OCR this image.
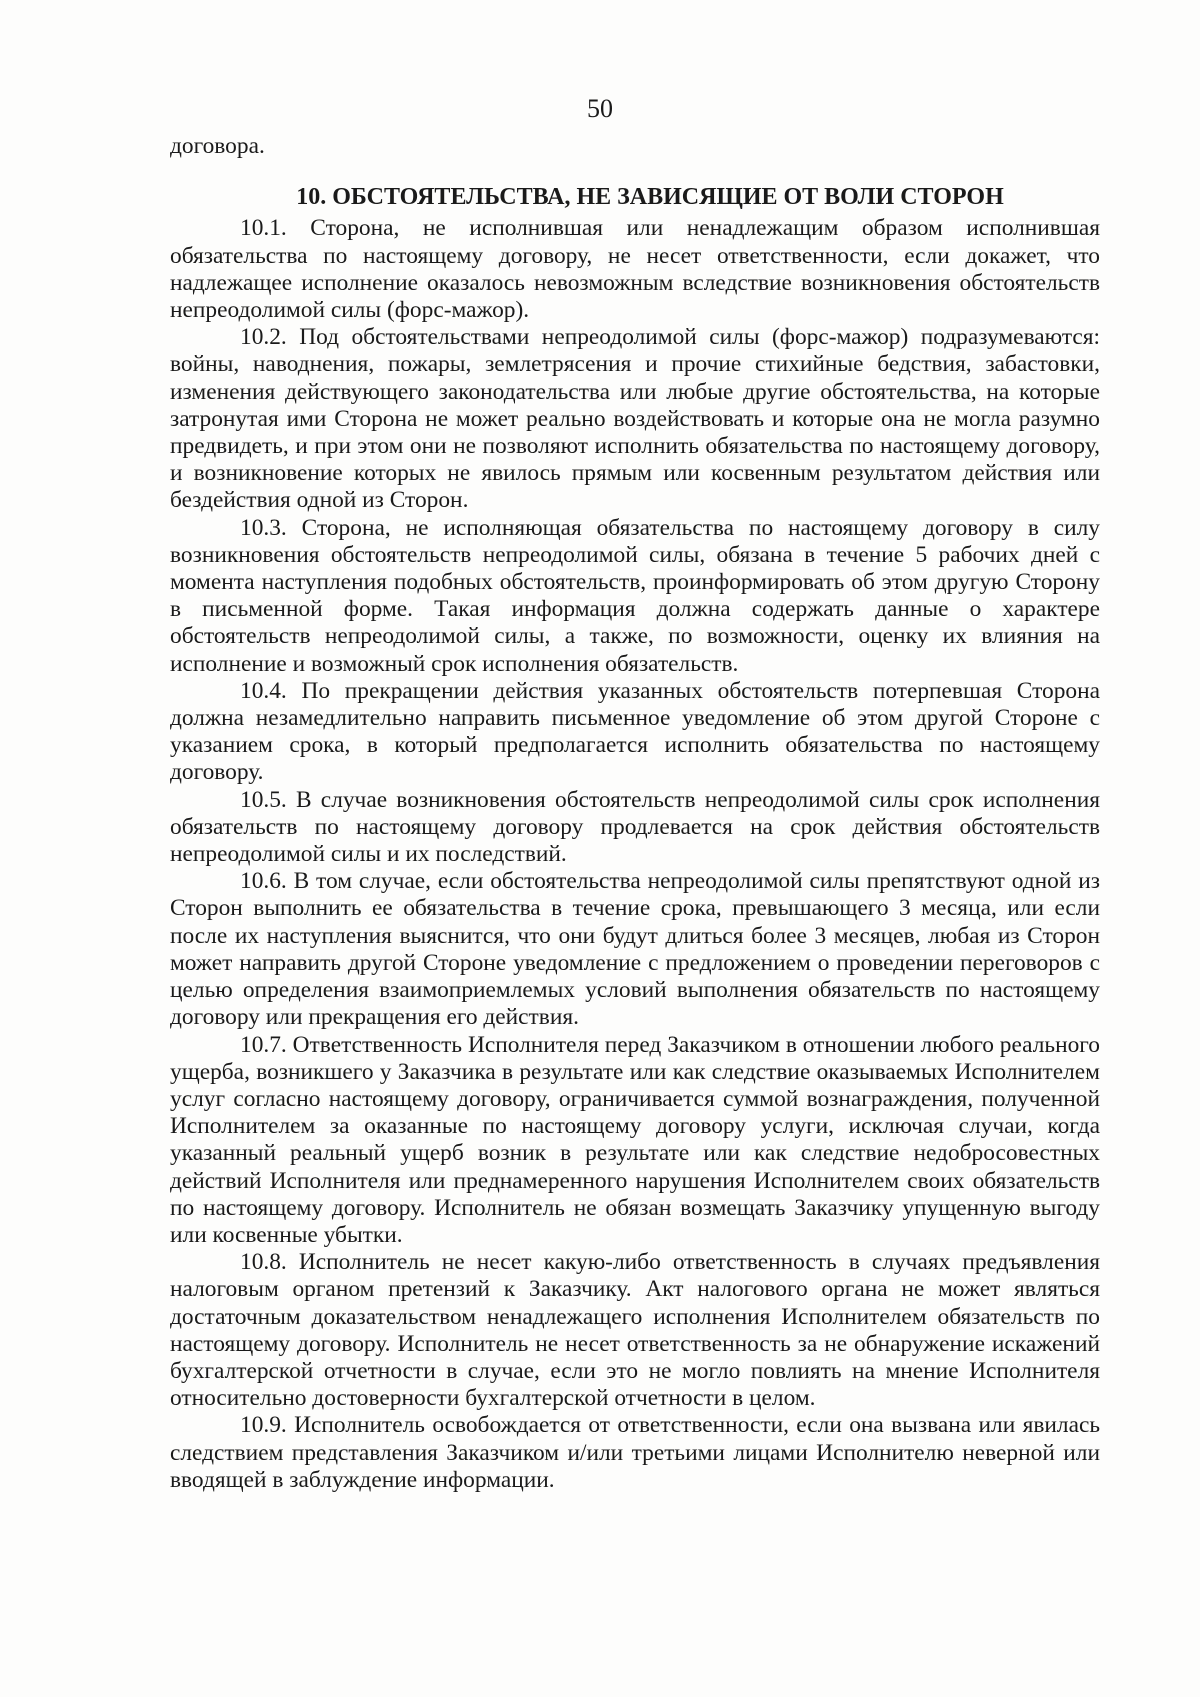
50

договора.

10. ОБСТОЯТЕЛЬСТВА, НЕ ЗАВИСЯЩИЕ ОТ ВОЛИ СТОРОН

10.1. Сторона, не исполнившая или ненадлежащим образом исполнившая обязательства по настоящему договору, не несет ответственности, если докажет, что надлежащее исполнение оказалось невозможным вследствие возникновения обстоятельств непреодолимой силы (форс-мажор).

10.2. Под обстоятельствами непреодолимой силы (форс-мажор) подразумеваются: войны, наводнения, пожары, землетрясения и прочие стихийные бедствия, забастовки, изменения действующего законодательства или любые другие обстоятельства, на которые затронутая ими Сторона не может реально воздействовать и которые она не могла разумно предвидеть, и при этом они не позволяют исполнить обязательства по настоящему договору, и возникновение которых не явилось прямым или косвенным результатом действия или бездействия одной из Сторон.

10.3. Сторона, не исполняющая обязательства по настоящему договору в силу возникновения обстоятельств непреодолимой силы, обязана в течение 5 рабочих дней с момента наступления подобных обстоятельств, проинформировать об этом другую Сторону в письменной форме. Такая информация должна содержать данные о характере обстоятельств непреодолимой силы, а также, по возможности, оценку их влияния на исполнение и возможный срок исполнения обязательств.

10.4. По прекращении действия указанных обстоятельств потерпевшая Сторона должна незамедлительно направить письменное уведомление об этом другой Стороне с указанием срока, в который предполагается исполнить обязательства по настоящему договору.

10.5. В случае возникновения обстоятельств непреодолимой силы срок исполнения обязательств по настоящему договору продлевается на срок действия обстоятельств непреодолимой силы и их последствий.

10.6. В том случае, если обстоятельства непреодолимой силы препятствуют одной из Сторон выполнить ее обязательства в течение срока, превышающего 3 месяца, или если после их наступления выяснится, что они будут длиться более 3 месяцев, любая из Сторон может направить другой Стороне уведомление с предложением о проведении переговоров с целью определения взаимоприемлемых условий выполнения обязательств по настоящему договору или прекращения его действия.

10.7. Ответственность Исполнителя перед Заказчиком в отношении любого реального ущерба, возникшего у Заказчика в результате или как следствие оказываемых Исполнителем услуг согласно настоящему договору, ограничивается суммой вознаграждения, полученной Исполнителем за оказанные по настоящему договору услуги, исключая случаи, когда указанный реальный ущерб возник в результате или как следствие недобросовестных действий Исполнителя или преднамеренного нарушения Исполнителем своих обязательств по настоящему договору. Исполнитель не обязан возмещать Заказчику упущенную выгоду или косвенные убытки.

10.8. Исполнитель не несет какую-либо ответственность в случаях предъявления налоговым органом претензий к Заказчику. Акт налогового органа не может являться достаточным доказательством ненадлежащего исполнения Исполнителем обязательств по настоящему договору. Исполнитель не несет ответственность за не обнаружение искажений бухгалтерской отчетности в случае, если это не могло повлиять на мнение Исполнителя относительно достоверности бухгалтерской отчетности в целом.

10.9. Исполнитель освобождается от ответственности, если она вызвана или явилась следствием представления Заказчиком и/или третьими лицами Исполнителю неверной или вводящей в заблуждение информации.
